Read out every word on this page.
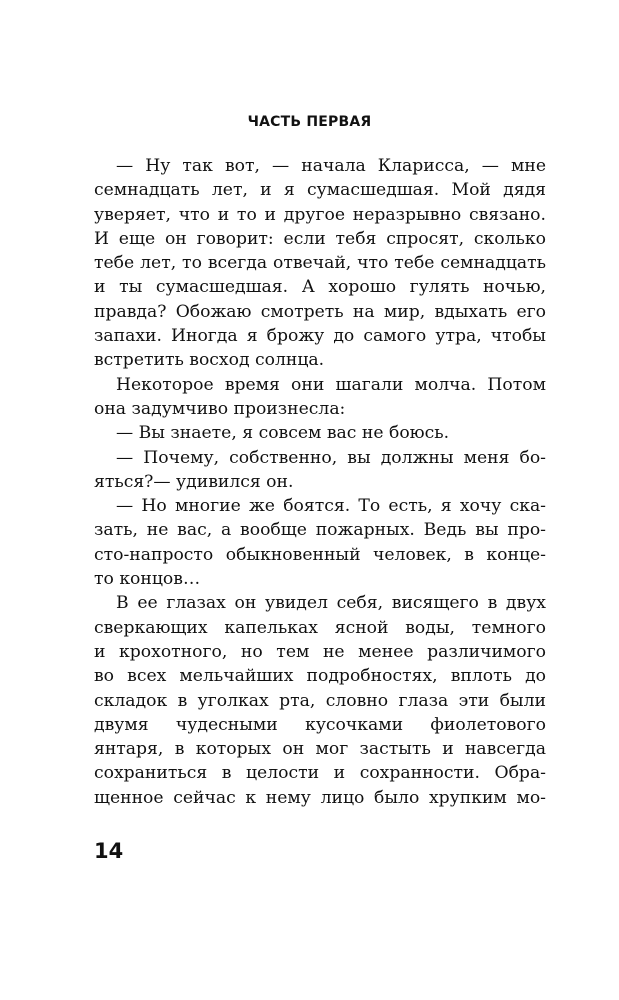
ЧАСТЬ ПЕРВАЯ
— Ну так вот, — начала Кларисса, — мне
семнадцать лет, и я сумасшедшая. Мой дядя
уверяет, что и то и другое неразрывно связано.
И еще он говорит: если тебя спросят, сколько
тебе лет, то всегда отвечай, что тебе семнадцать
и ты сумасшедшая. А хорошо гулять ночью,
правда? Обожаю смотреть на мир, вдыхать его
запахи. Иногда я брожу до самого утра, чтобы
встретить восход солнца.
Некоторое время они шагали молча. Потом
она задумчиво произнесла:
— Вы знаете, я совсем вас не боюсь.
— Почему, собственно, вы должны меня бо-
яться?— удивился он.
— Но многие же боятся. То есть, я хочу ска-
зать, не вас, а вообще пожарных. Ведь вы про-
сто-напросто обыкновенный человек, в конце-
то концов…
В ее глазах он увидел себя, висящего в двух
сверкающих капельках ясной воды, темного
и крохотного, но тем не менее различимого
во всех мельчайших подробностях, вплоть до
складок в уголках рта, словно глаза эти были
двумя чудесными кусочками фиолетового
янтаря, в которых он мог застыть и навсегда
сохраниться в целости и сохранности. Обра-
щенное сейчас к нему лицо было хрупким мо-
14
